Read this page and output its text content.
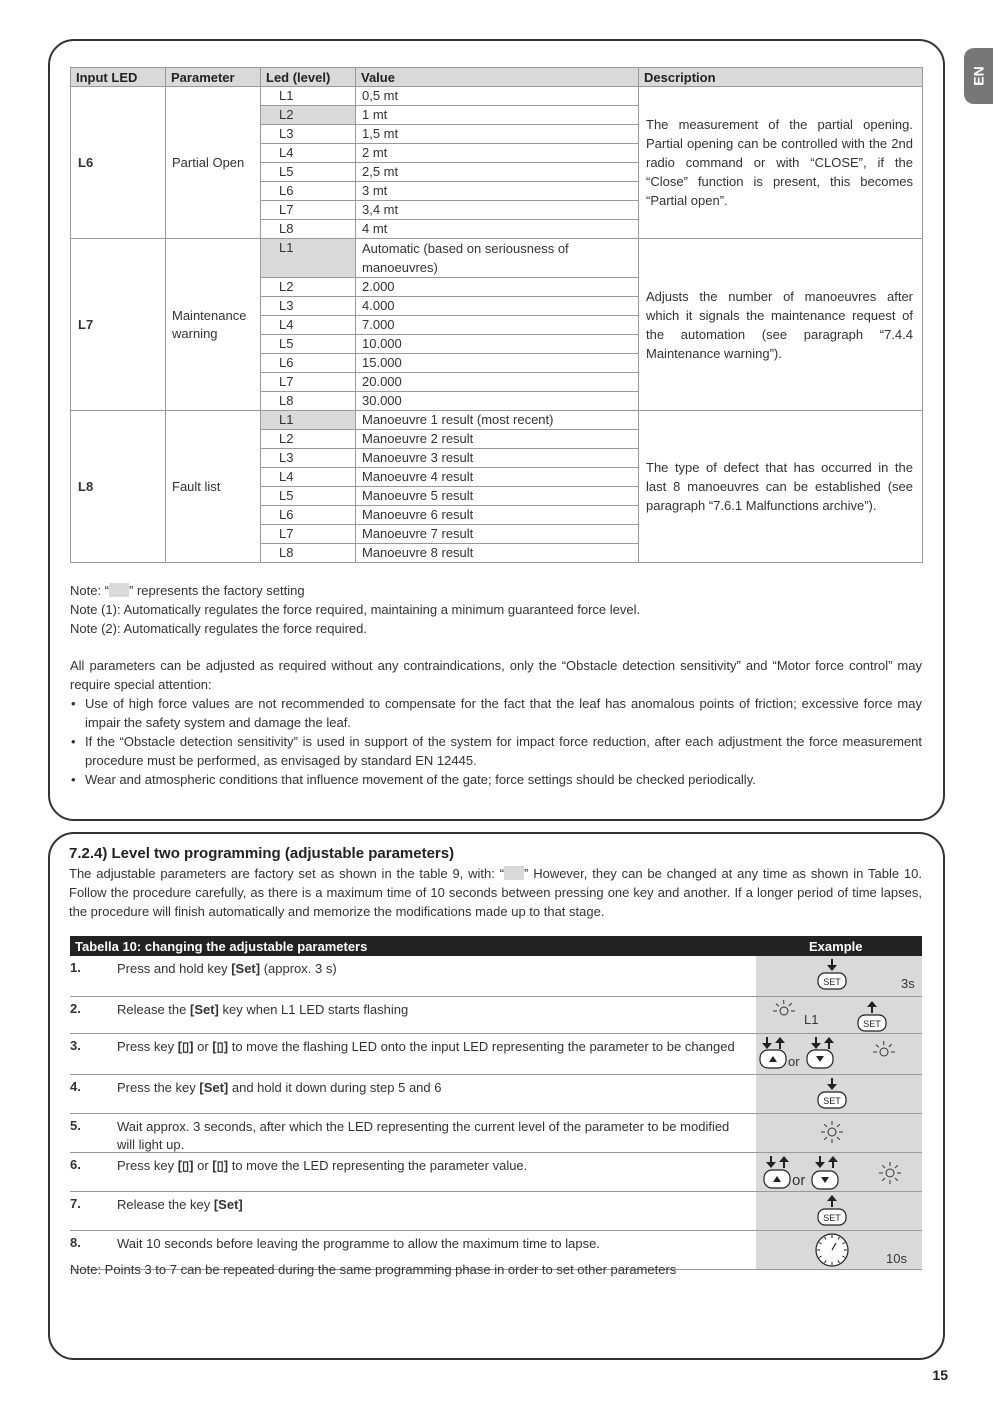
EN
Input LED	Parameter	Led (level)	Value	Description
L6	Partial Open	L1	0,5 mt	The measurement of the partial opening. Partial opening can be controlled with the 2nd radio command or with “CLOSE”, if the “Close” function is present, this becomes “Partial open”.
		L2	1 mt	
		L3	1,5 mt	
		L4	2 mt	
		L5	2,5 mt	
		L6	3 mt	
		L7	3,4 mt	
		L8	4 mt	
L7	Maintenance warning	L1	Automatic (based on seriousness of manoeuvres)	Adjusts the number of manoeuvres after which it signals the maintenance request of the automation (see paragraph “7.4.4 Maintenance warning”).
		L2	2.000	
		L3	4.000	
		L4	7.000	
		L5	10.000	
		L6	15.000	
		L7	20.000	
		L8	30.000	
L8	Fault list	L1	Manoeuvre 1 result (most recent)	The type of defect that has occurred in the last 8 manoeuvres can be established (see paragraph “7.6.1 Malfunctions archive”).
		L2	Manoeuvre 2 result	
		L3	Manoeuvre 3 result	
		L4	Manoeuvre 4 result	
		L5	Manoeuvre 5 result	
		L6	Manoeuvre 6 result	
		L7	Manoeuvre 7 result	
		L8	Manoeuvre 8 result	

Note: “ ” represents the factory setting

Note (1): Automatically regulates the force required, maintaining a minimum guaranteed force level.

Note (2): Automatically regulates the force required.

All parameters can be adjusted as required without any contraindications, only the “Obstacle detection sensitivity” and “Motor force control” may require special attention:

• Use of high force values are not recommended to compensate for the fact that the leaf has anomalous points of friction; excessive force may impair the safety system and damage the leaf.
• If the “Obstacle detection sensitivity” is used in support of the system for impact force reduction, after each adjustment the force measurement procedure must be performed, as envisaged by standard EN 12445.
• Wear and atmospheric conditions that influence movement of the gate; force settings should be checked periodically.
7.2.4) Level two programming (adjustable parameters)

The adjustable parameters are factory set as shown in the table 9, with: “ ” However, they can be changed at any time as shown in Table 10. Follow the procedure carefully, as there is a maximum time of 10 seconds between pressing one key and another. If a longer period of time lapses, the procedure will finish automatically and memorize the modifications made up to that stage.

Tabella 10: changing the adjustable parameters	Example
1.	Press and hold key [Set] (approx. 3 s)
SET	3s
2.	Release the [Set] key when L1 LED starts flashing
L1	SET
3.	Press key [▯] or [▯] to move the flashing LED onto the input LED representing the parameter to be changed
or
4.	Press the key [Set] and hold it down during step 5 and 6
SET
5.	Wait approx. 3 seconds, after which the LED representing the current level of the parameter to be modified will light up.
6.	Press key [▯] or [▯] to move the LED representing the parameter value.
or
7.	Release the key [Set]
SET
8.	Wait 10 seconds before leaving the programme to allow the maximum time to lapse.
10s
Note: Points 3 to 7 can be repeated during the same programming phase in order to set other parameters
15
